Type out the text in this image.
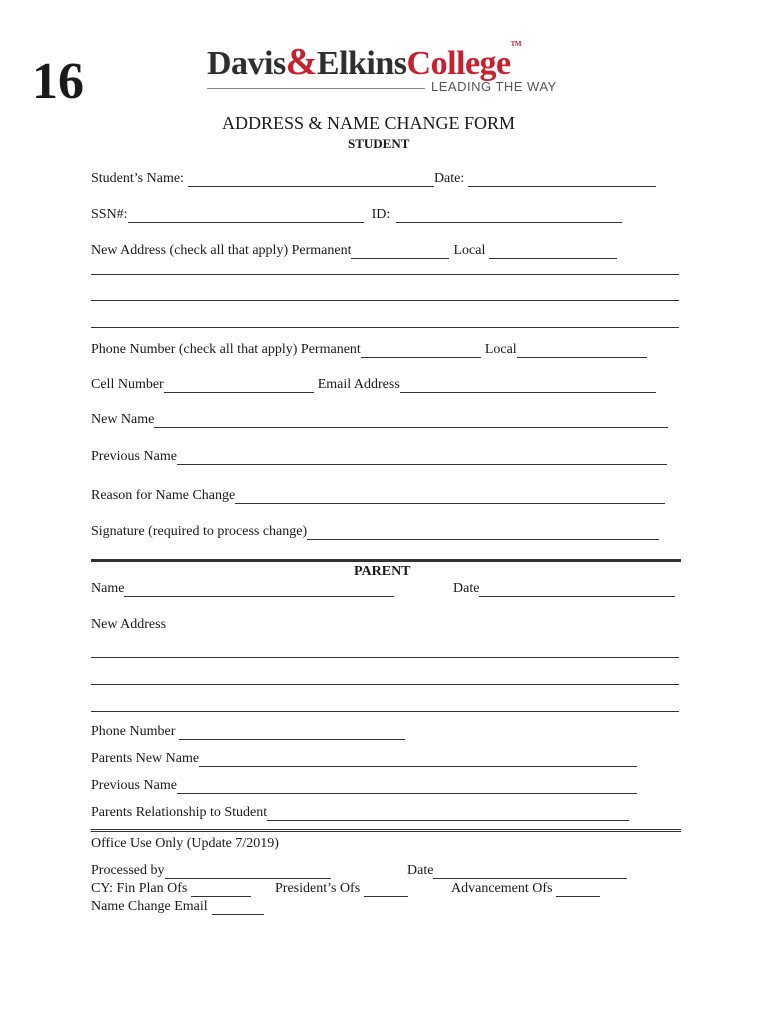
16	Davis&ElkinsCollege™
LEADING THE WAY
ADDRESS & NAME CHANGE FORM
STUDENT
Student’s Name:	Date:
SSN#:	ID:
New Address (check all that apply) Permanent	Local
Phone Number (check all that apply) Permanent	Local
Cell Number	Email Address
New Name
Previous Name
Reason for Name Change
Signature (required to process change)
PARENT
Name	Date
New Address
Phone Number
Parents New Name
Previous Name
Parents Relationship to Student
Office Use Only (Update 7/2019)
Processed by	Date
CY: Fin Plan Ofs	President’s Ofs	Advancement Ofs
Name Change Email
